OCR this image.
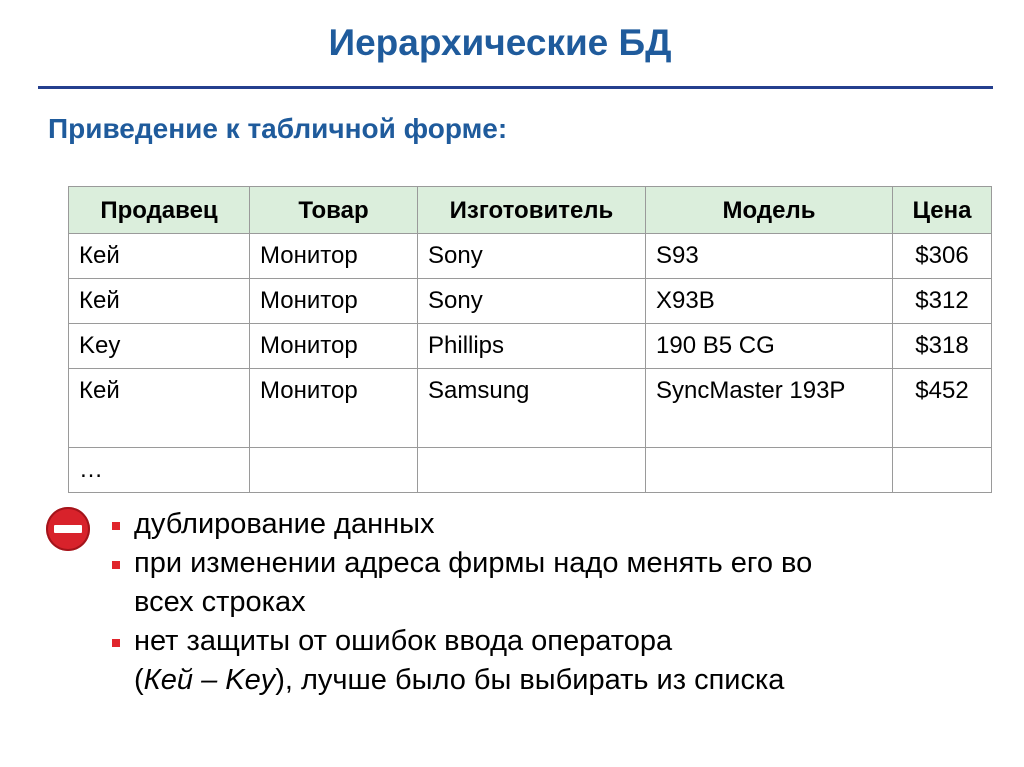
Иерархические БД
Приведение к табличной форме:
Продавец	Товар	Изготовитель	Модель	Цена
Кей	Монитор	Sony	S93	$306
Кей	Монитор	Sony	X93B	$312
Key	Монитор	Phillips	190 B5 CG	$318
Кей	Монитор	Samsung	SyncMaster 193P	$452
…				
дублирование данных
при изменении адреса фирмы надо менять его во
всех строках
нет защиты от ошибок ввода оператора
(Кей – Key), лучше было бы выбирать из списка
